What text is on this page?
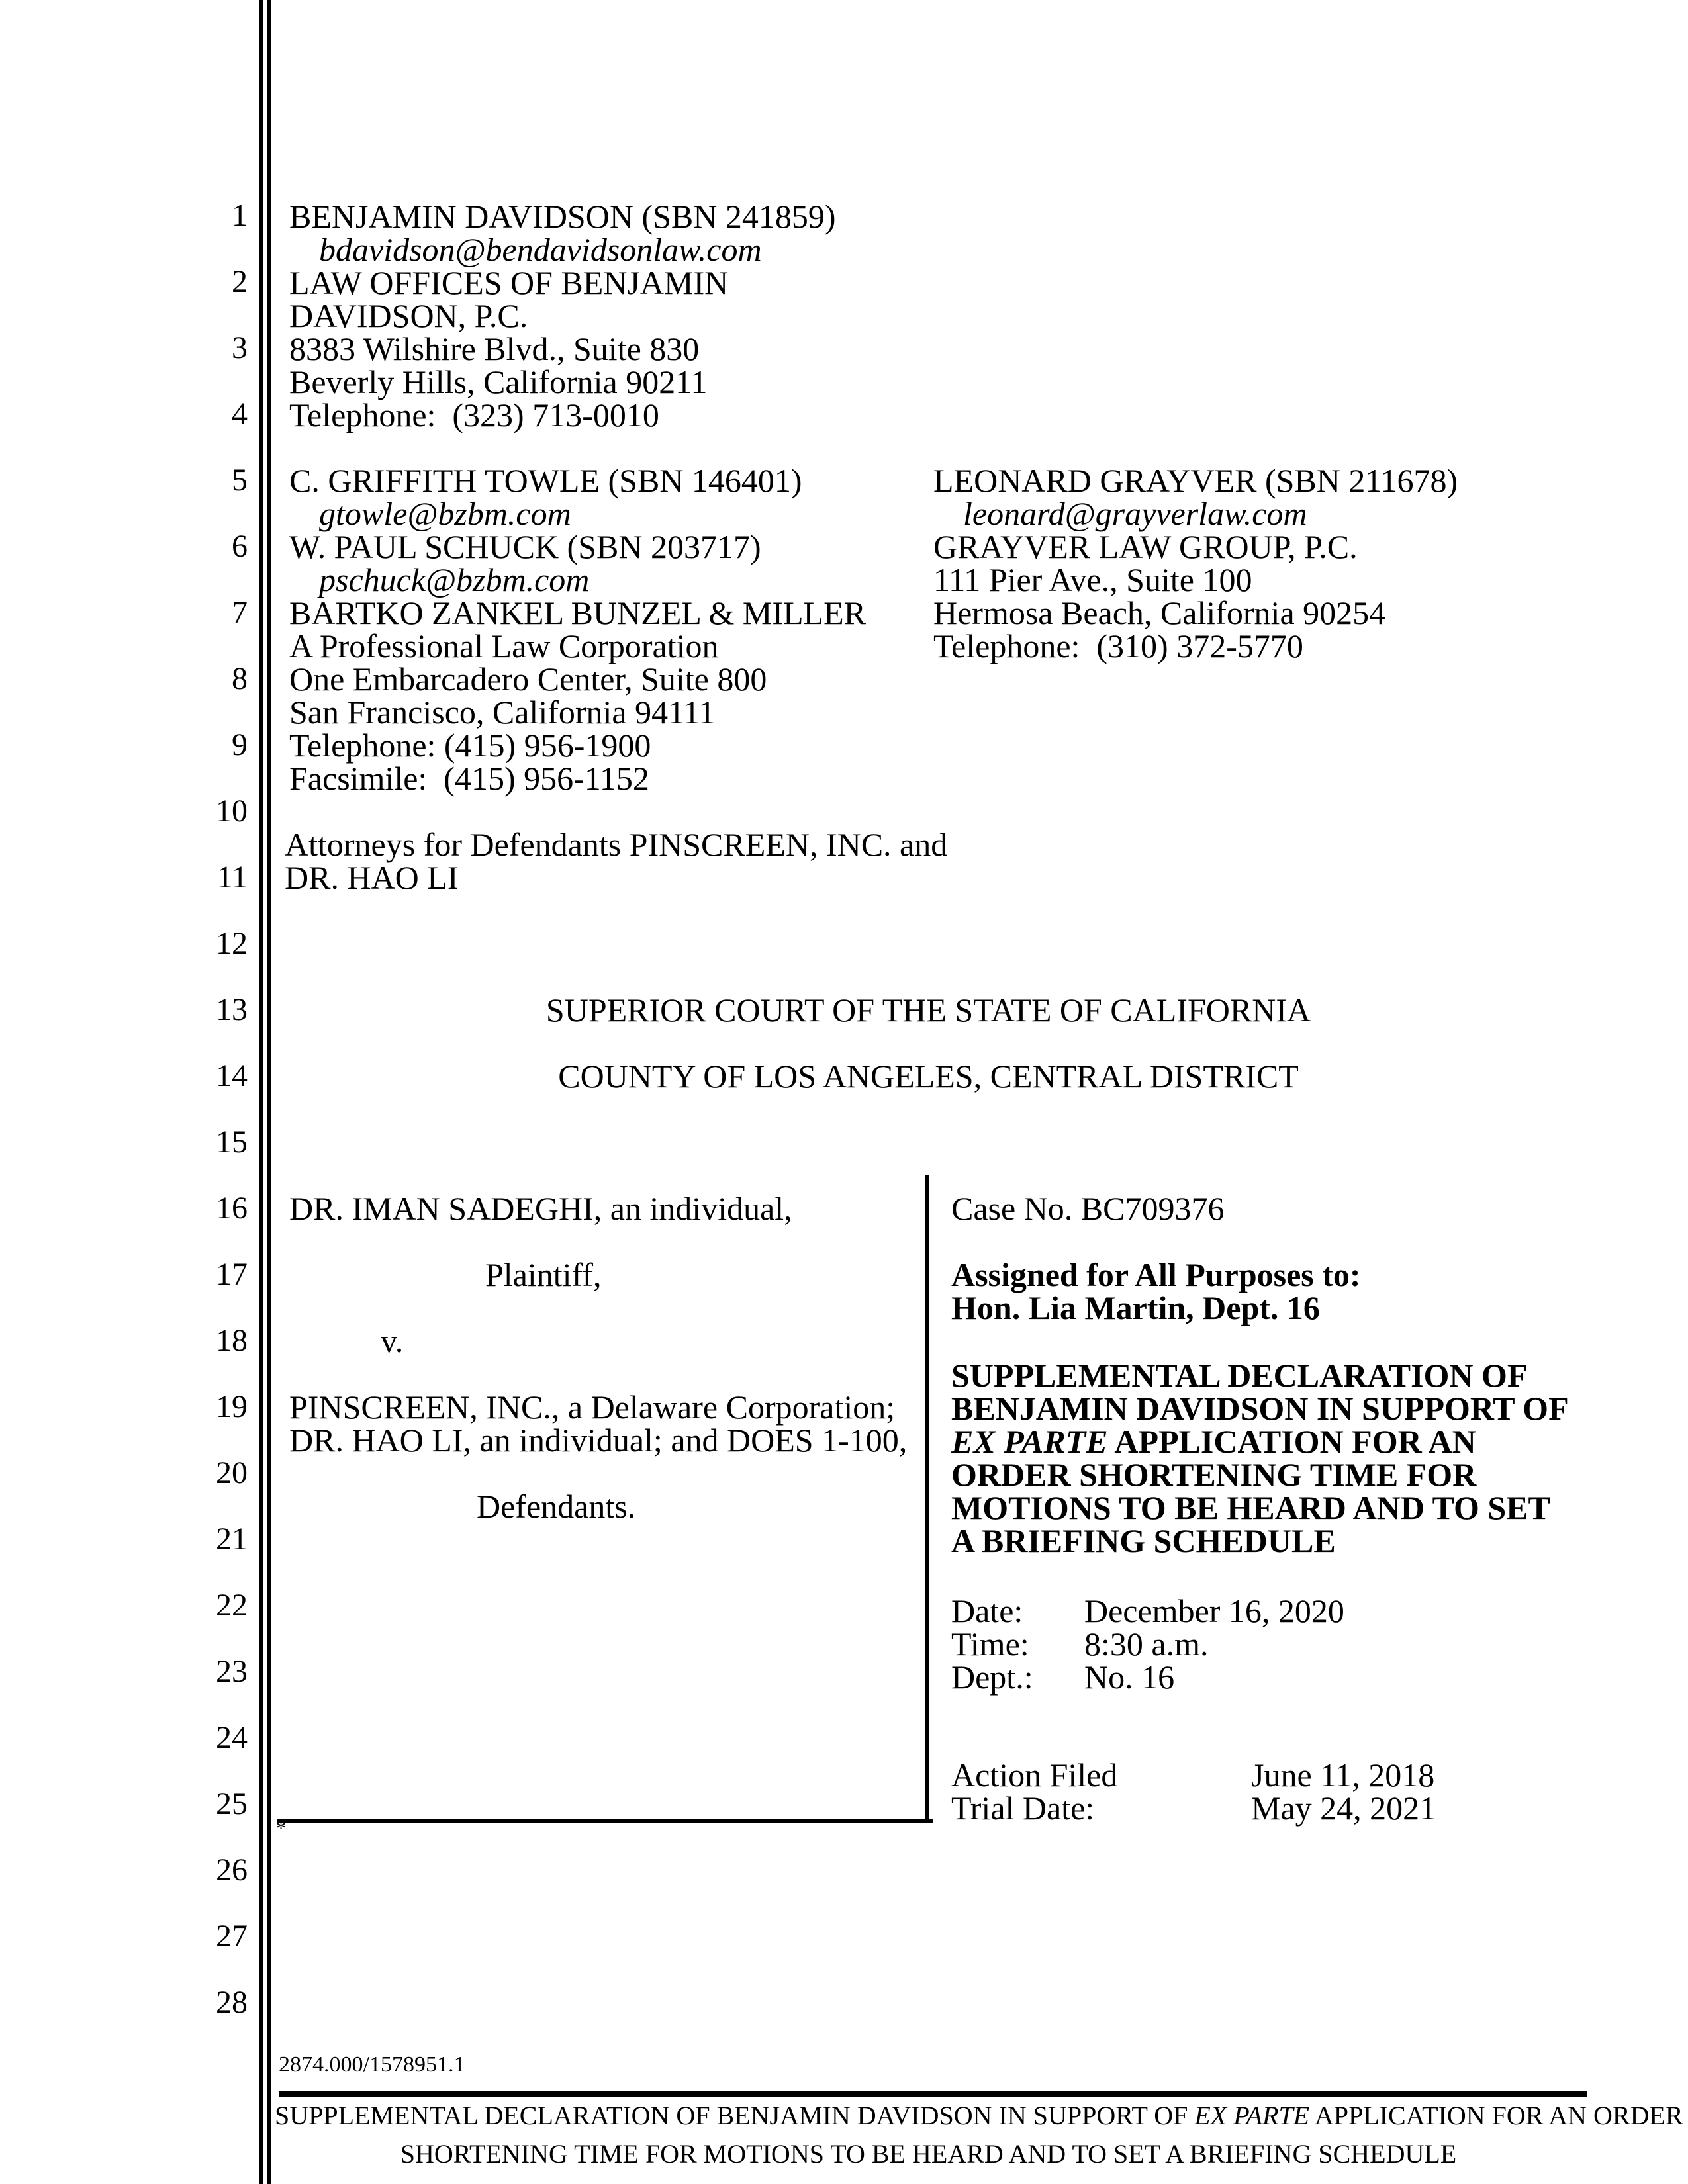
1
2
3
4
5
6
7
8
9
10
11
12
13
14
15
16
17
18
19
20
21
22
23
24
25
26
27
28
BENJAMIN DAVIDSON (SBN 241859)
bdavidson@bendavidsonlaw.com
LAW OFFICES OF BENJAMIN
DAVIDSON, P.C.
8383 Wilshire Blvd., Suite 830
Beverly Hills, California 90211
Telephone:  (323) 713-0010
C. GRIFFITH TOWLE (SBN 146401)
gtowle@bzbm.com
W. PAUL SCHUCK (SBN 203717)
pschuck@bzbm.com
BARTKO ZANKEL BUNZEL & MILLER
A Professional Law Corporation
One Embarcadero Center, Suite 800
San Francisco, California 94111
Telephone: (415) 956-1900
Facsimile:  (415) 956-1152
LEONARD GRAYVER (SBN 211678)
leonard@grayverlaw.com
GRAYVER LAW GROUP, P.C.
111 Pier Ave., Suite 100
Hermosa Beach, California 90254
Telephone:  (310) 372-5770
Attorneys for Defendants PINSCREEN, INC. and
DR. HAO LI
SUPERIOR COURT OF THE STATE OF CALIFORNIA
COUNTY OF LOS ANGELES, CENTRAL DISTRICT
*
DR. IMAN SADEGHI, an individual,
Plaintiff,
v.
PINSCREEN, INC., a Delaware Corporation;
DR. HAO LI, an individual; and DOES 1-100,
Defendants.
Case No. BC709376
Assigned for All Purposes to:
Hon. Lia Martin, Dept. 16
SUPPLEMENTAL DECLARATION OF
BENJAMIN DAVIDSON IN SUPPORT OF
EX PARTE APPLICATION FOR AN
ORDER SHORTENING TIME FOR
MOTIONS TO BE HEARD AND TO SET
A BRIEFING SCHEDULE
Date: December 16, 2020
Time: 8:30 a.m.
Dept.: No. 16
Action Filed	June 11, 2018
Trial Date:	May 24, 2021
2874.000/1578951.1
SUPPLEMENTAL DECLARATION OF BENJAMIN DAVIDSON IN SUPPORT OF EX PARTE APPLICATION FOR AN ORDER
SHORTENING TIME FOR MOTIONS TO BE HEARD AND TO SET A BRIEFING SCHEDULE
